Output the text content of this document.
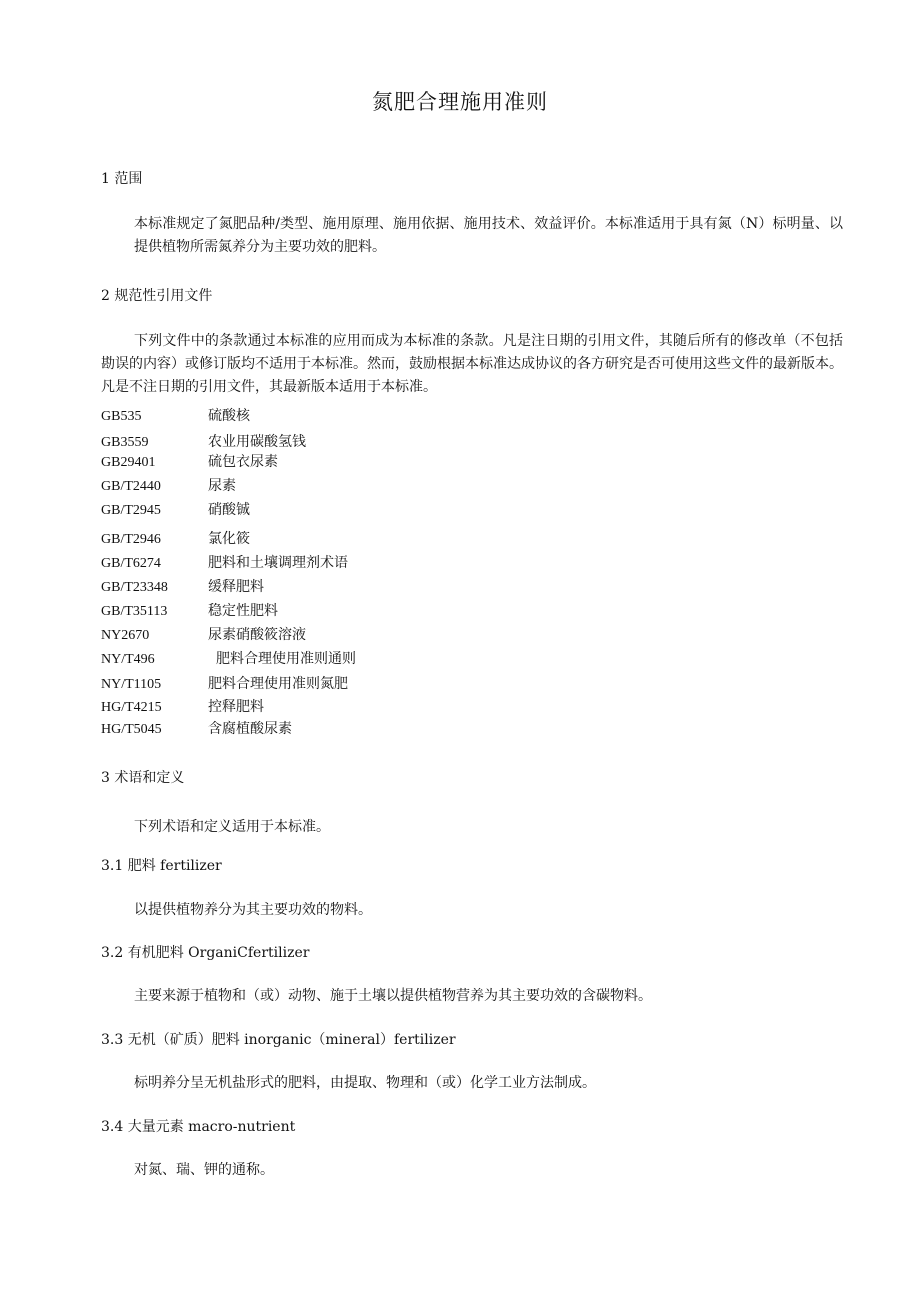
氮肥合理施用准则
1 范围

本标准规定了氮肥品种/类型、施用原理、施用依据、施用技术、效益评价。本标准适用于具有氮（N）标明量、以提供植物所需氮养分为主要功效的肥料。

2 规范性引用文件

下列文件中的条款通过本标准的应用而成为本标准的条款。凡是注日期的引用文件，其随后所有的修改单（不包括勘误的内容）或修订版均不适用于本标准。然而，鼓励根据本标准达成协议的各方研究是否可使用这些文件的最新版本。凡是不注日期的引用文件，其最新版本适用于本标准。

GB535	硫酸核
GB3559	农业用碳酸氢钱
GB29401	硫包衣尿素
GB/T2440	尿素
GB/T2945	硝酸铖
GB/T2946	氯化筱
GB/T6274	肥料和土壤调理剂术语
GB/T23348	缓释肥料
GB/T35113	稳定性肥料
NY2670	尿素硝酸筱溶液
NY/T496	肥料合理使用准则通则
NY/T1105	肥料合理使用准则氮肥
HG/T4215	控释肥料
HG/T5045	含腐植酸尿素
3 术语和定义
下列术语和定义适用于本标准。
3.1 肥料 fertilizer
以提供植物养分为其主要功效的物料。
3.2 有机肥料 OrganiCfertilizer
主要来源于植物和（或）动物、施于土壤以提供植物营养为其主要功效的含碳物料。
3.3 无机（矿质）肥料 inorganic（mineral）fertilizer
标明养分呈无机盐形式的肥料，由提取、物理和（或）化学工业方法制成。
3.4 大量元素 macro-nutrient
对氮、瑞、钾的通称。
